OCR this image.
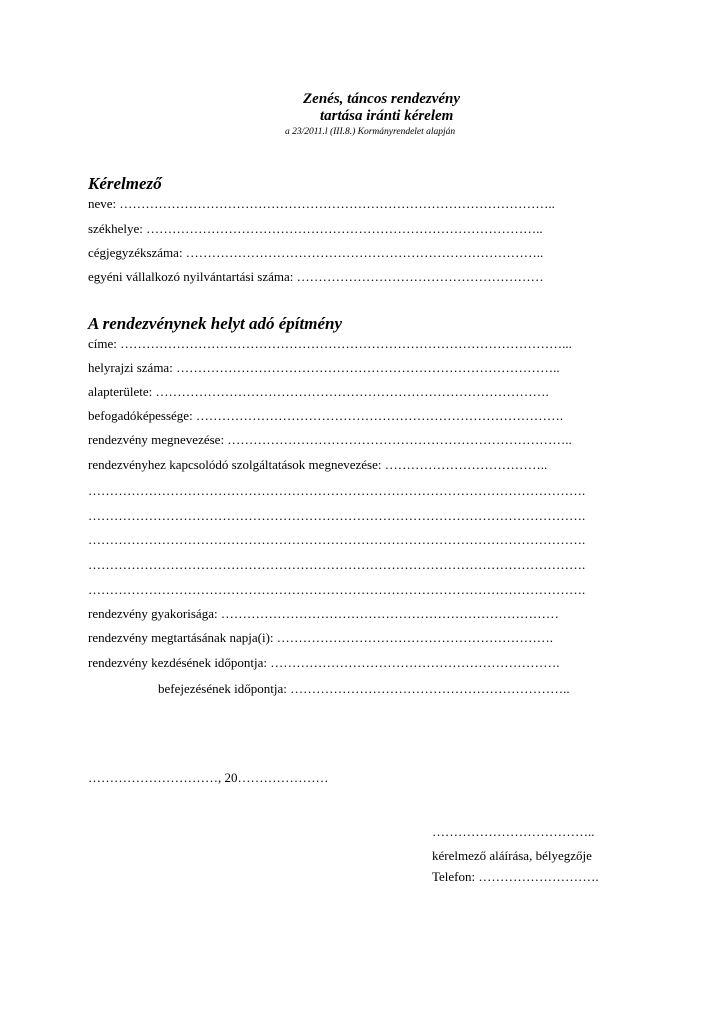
Zenés, táncos rendezvény
tartása iránti kérelem
a 23/2011.l (III.8.) Kormányrendelet alapján
Kérelmező
neve: ………………………………………………………………………………………..
székhelye: ………………………………………………………………………………..
cégjegyzékszáma: ………………………………………………………………………..
egyéni vállalkozó nyilvántartási száma: …………………………………………………
A rendezvénynek helyt adó építmény
címe: …………………………………………………………………………………………...
helyrajzi száma: ……………………………………………………………………………..
alapterülete: ……………………………………………………………………………….
befogadóképessége: ………………………………………………………………………….
rendezvény megnevezése: ……………………………………………………………………..
rendezvényhez kapcsolódó szolgáltatások megnevezése: ………………………………..
…………………………………………………………………………………………………….
…………………………………………………………………………………………………….
…………………………………………………………………………………………………….
…………………………………………………………………………………………………….
…………………………………………………………………………………………………….
rendezvény gyakorisága: ……………………………………………………………………
rendezvény megtartásának napja(i): ……………………………………………………….
rendezvény kezdésének időpontja: ………………………………………………………….
befejezésének időpontja: ………………………………………………………..
…………………………, 20…………………
………………………………..
kérelmező aláírása, bélyegzője
Telefon: ……………………….
